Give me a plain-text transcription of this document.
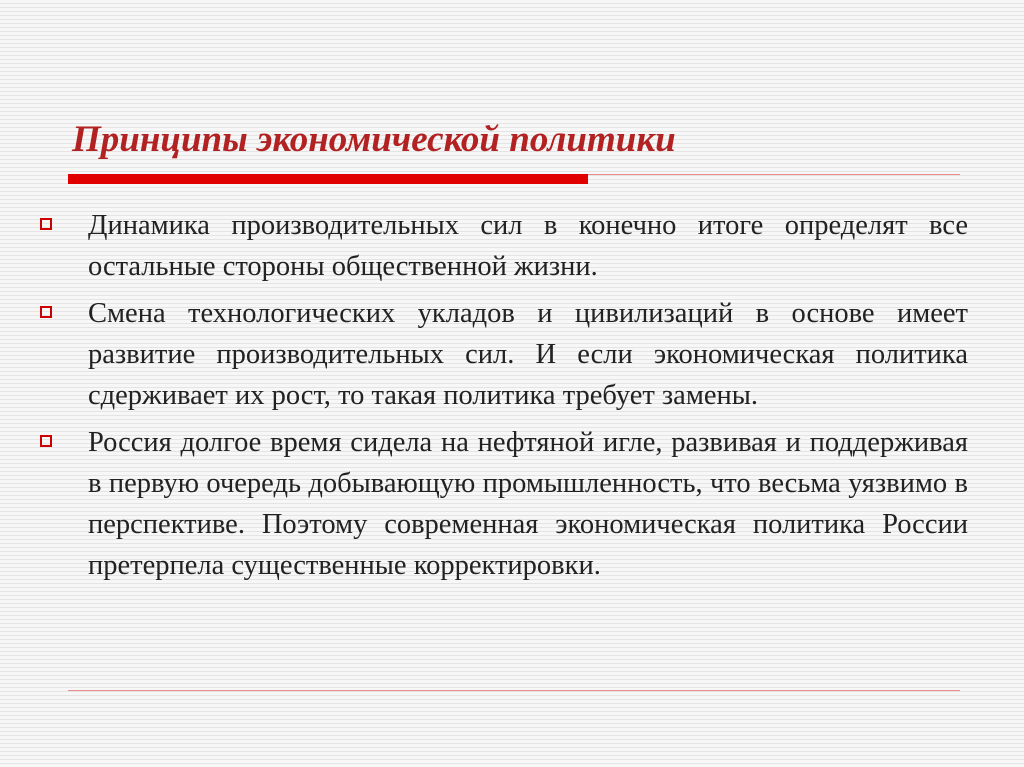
Принципы экономической политики
Динамика производительных сил в конечно итоге определят все остальные стороны общественной жизни.
Смена технологических укладов и цивилизаций в основе имеет развитие производительных сил. И если экономическая политика сдерживает их рост, то такая политика требует замены.
Россия долгое время сидела на нефтяной игле, развивая и поддерживая в первую очередь добывающую промышленность, что весьма уязвимо в перспективе. Поэтому современная экономическая политика России претерпела существенные корректировки.
